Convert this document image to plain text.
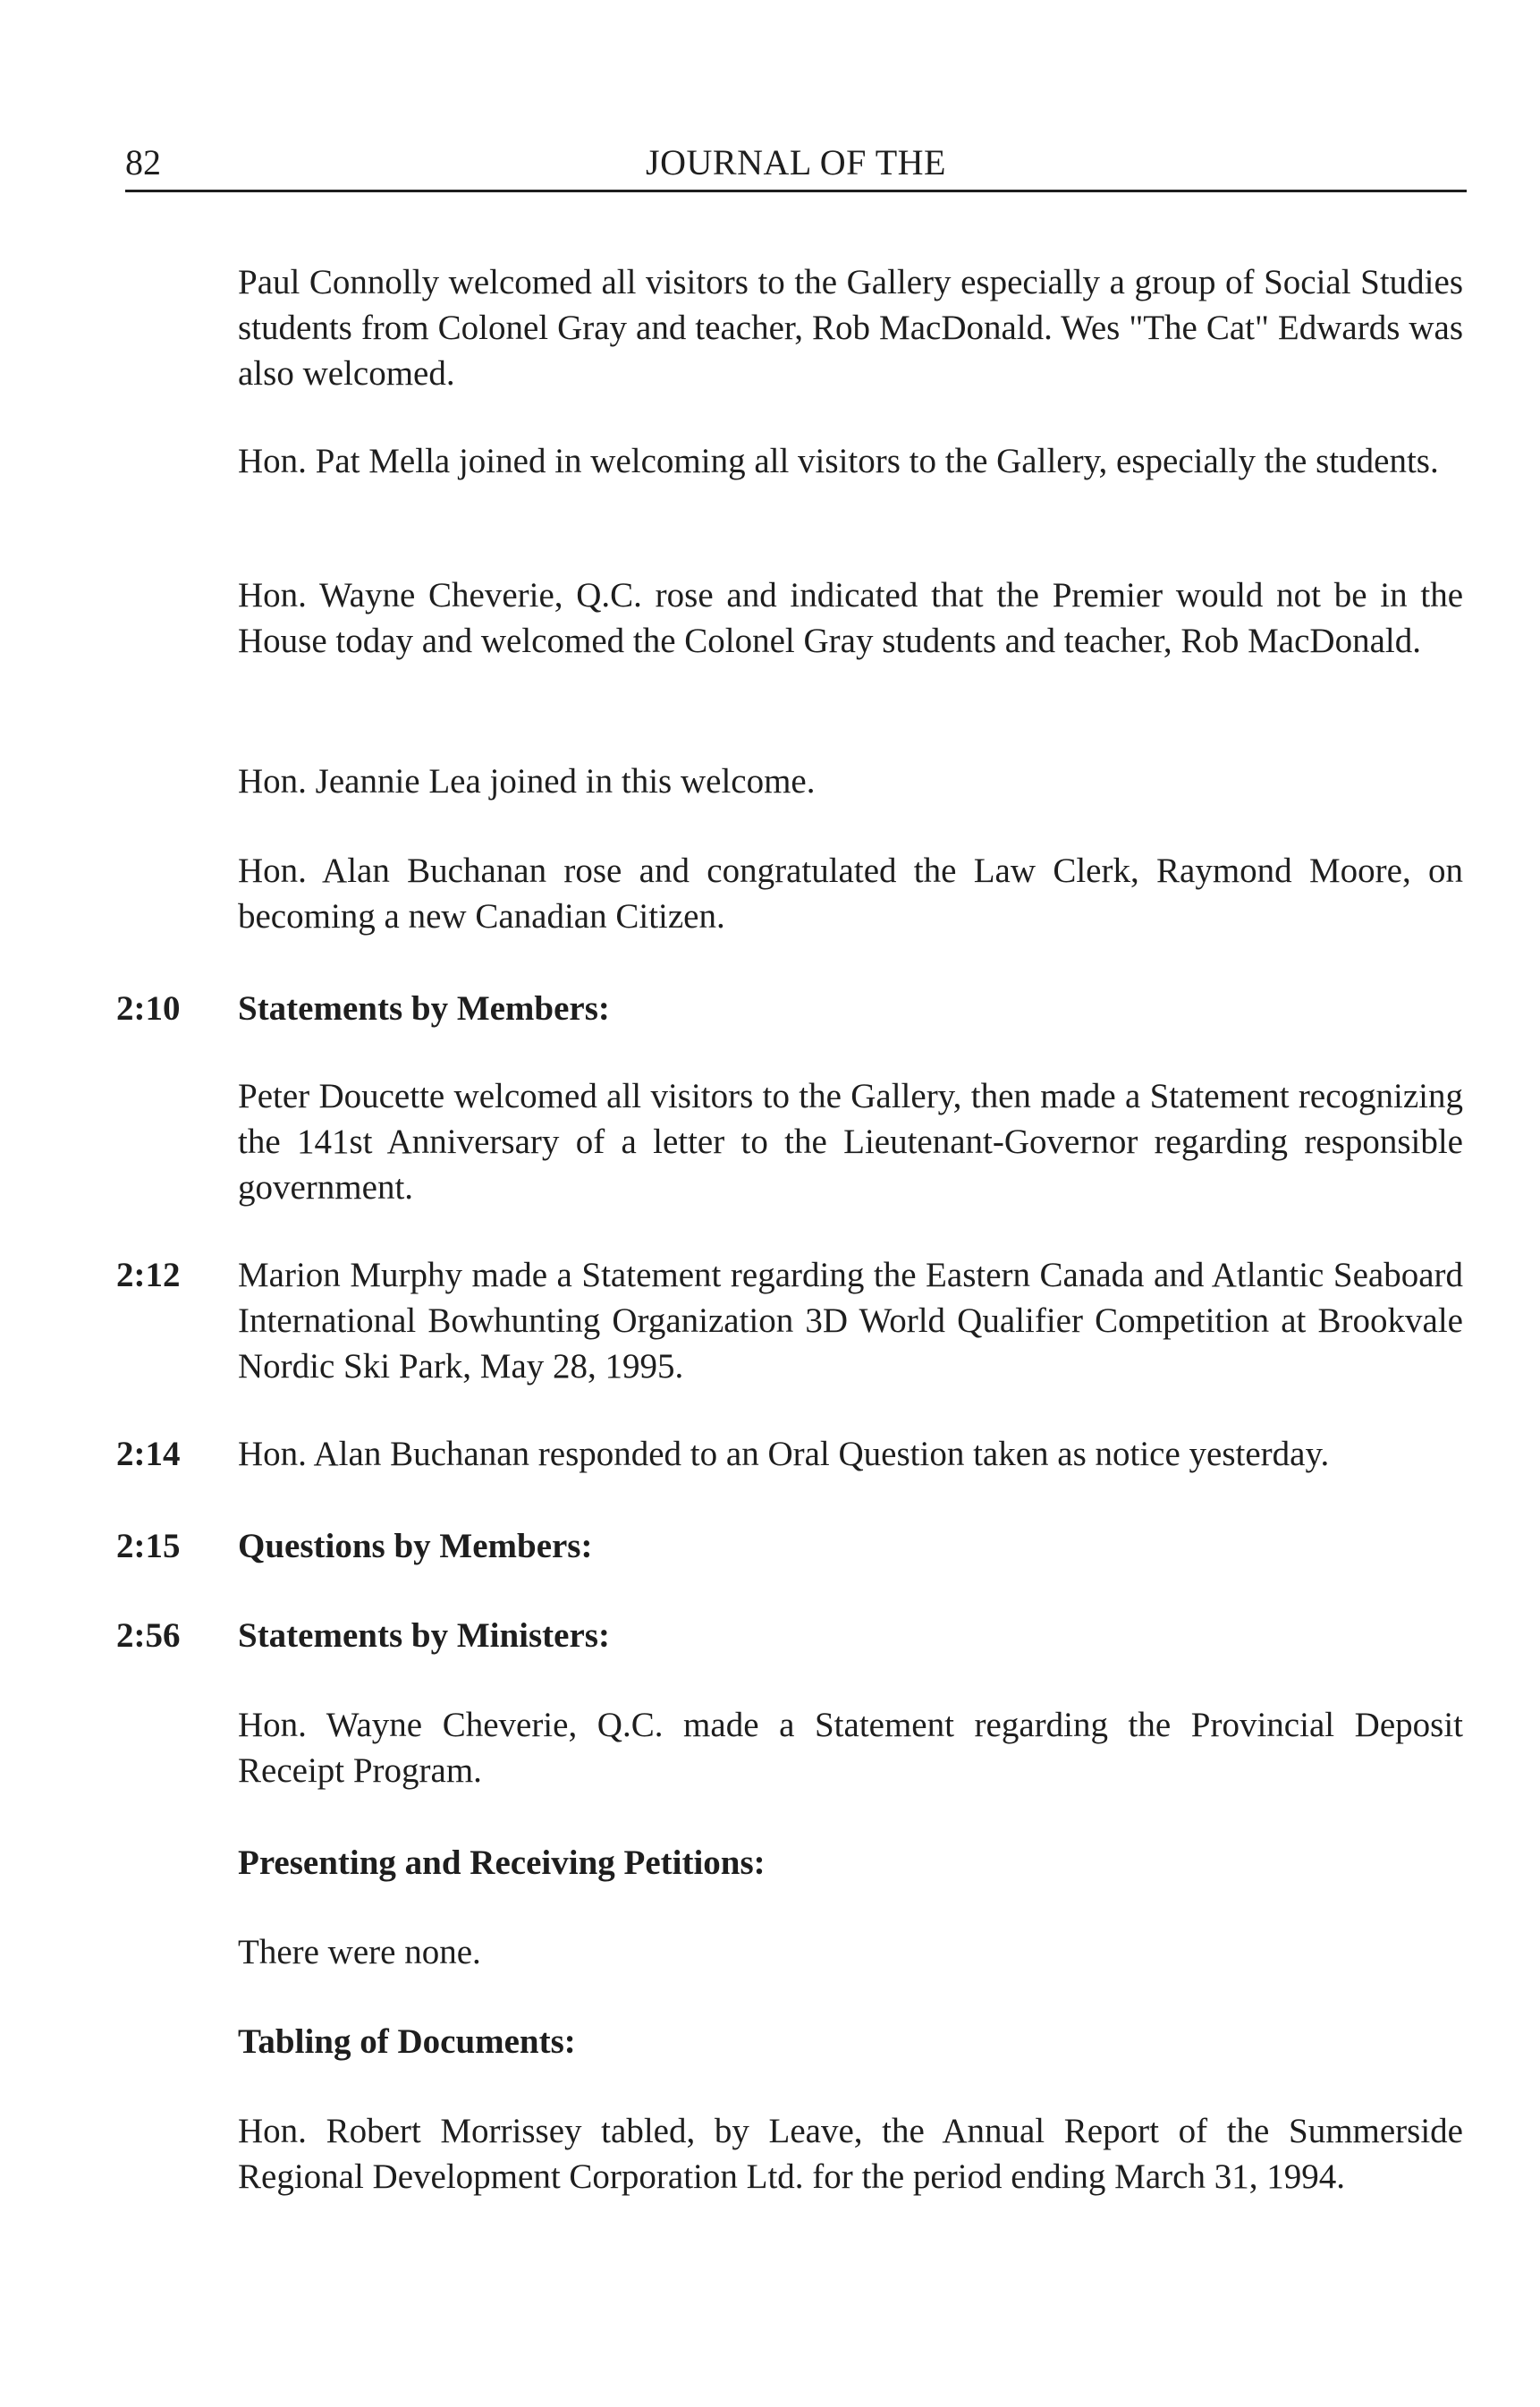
82	JOURNAL OF THE
Paul Connolly welcomed all visitors to the Gallery especially a group of Social Studies students from Colonel Gray and teacher, Rob MacDonald. Wes "The Cat" Edwards was also welcomed.
Hon. Pat Mella joined in welcoming all visitors to the Gallery, especially the students.
Hon. Wayne Cheverie, Q.C. rose and indicated that the Premier would not be in the House today and welcomed the Colonel Gray students and teacher, Rob MacDonald.
Hon. Jeannie Lea joined in this welcome.
Hon. Alan Buchanan rose and congratulated the Law Clerk, Raymond Moore, on becoming a new Canadian Citizen.
2:10	Statements by Members:
Peter Doucette welcomed all visitors to the Gallery, then made a Statement recognizing the 141st Anniversary of a letter to the Lieutenant-Governor regarding responsible government.
2:12	Marion Murphy made a Statement regarding the Eastern Canada and Atlantic Seaboard International Bowhunting Organization 3D World Qualifier Competition at Brookvale Nordic Ski Park, May 28, 1995.
2:14	Hon. Alan Buchanan responded to an Oral Question taken as notice yesterday.
2:15	Questions by Members:
2:56	Statements by Ministers:
Hon. Wayne Cheverie, Q.C. made a Statement regarding the Provincial Deposit Receipt Program.
Presenting and Receiving Petitions:
There were none.
Tabling of Documents:
Hon. Robert Morrissey tabled, by Leave, the Annual Report of the Summerside Regional Development Corporation Ltd. for the period ending March 31, 1994.
